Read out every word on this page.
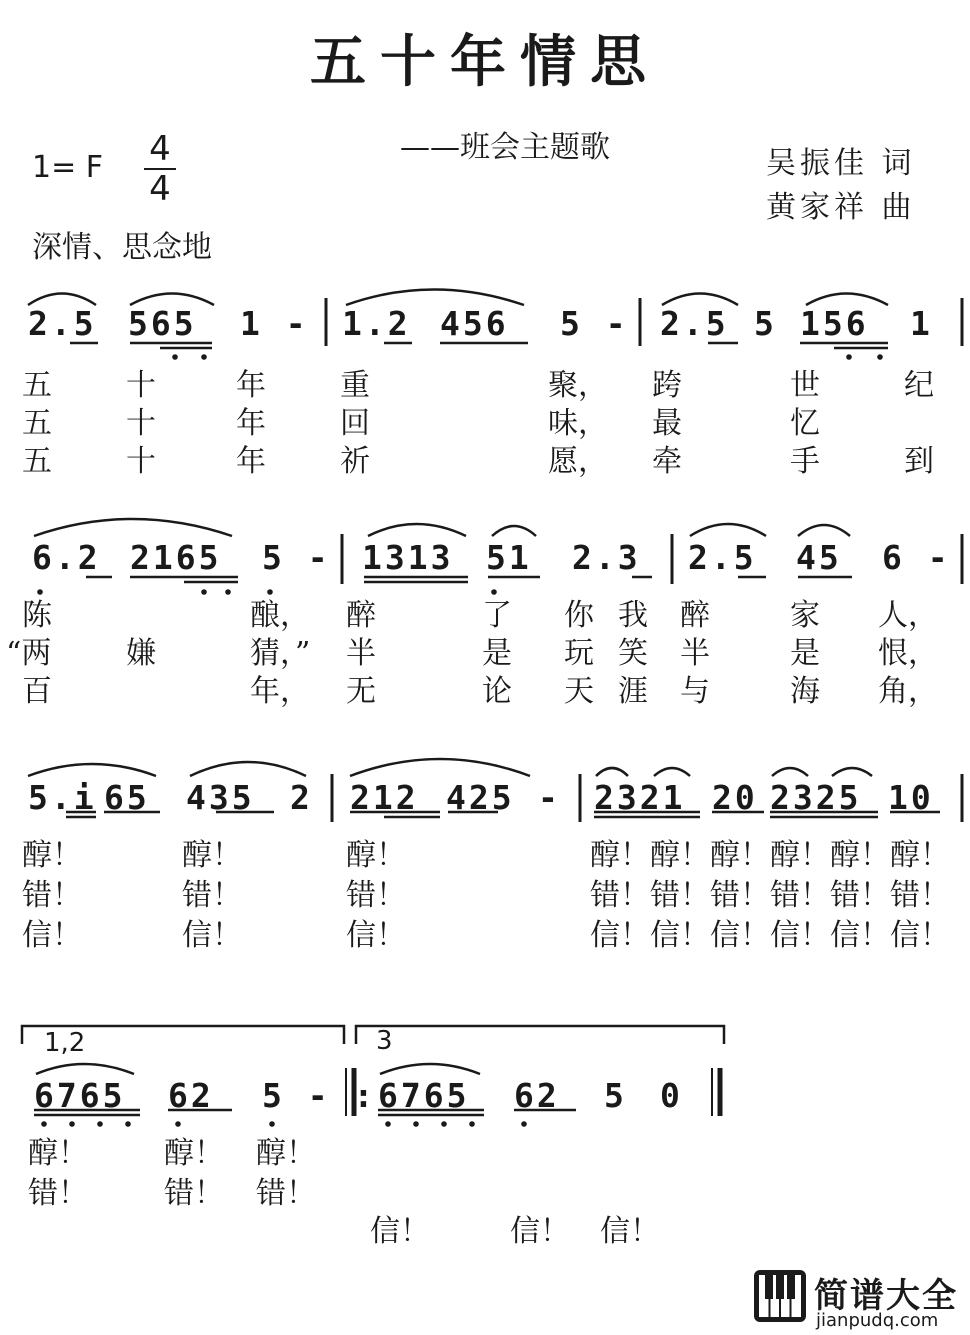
五十年情思
——班会主题歌
1= F 4
4
吴振佳 词
黄家祥 曲
深情、思念地
2.5 565 1 - 1.2 456 5 - 2.5 5 156 1
五 十	年 重	聚， 跨	世	纪
五 十	年 回	味， 最	忆
五 十	年 祈	愿， 牵	手	到
6.2 2165 5 - 1313 51 2.3 2.5 45 6 -
陈	酿， 醉	了 你 我 醉	家 人，
“两 嫌	猜，” 半	是 玩 笑 半	是 恨，
百	年， 无	论 天 涯 与	海 角，
5.i 65 435 2 212 425 - 2321 20 2325 10
醇！	醇！	醇！	醇！醇！醇！醇！醇！醇！
错！	错！	错！	错！错！错！错！错！错！
信！	信！	信！	信！信！信！信！信！信！
1,2	3
6765 62 5 - : 6765 62 5 0
醇！	醇！ 醇！
错！	错！ 错！
信！	信！ 信！
简谱大全
jianpudq.com
